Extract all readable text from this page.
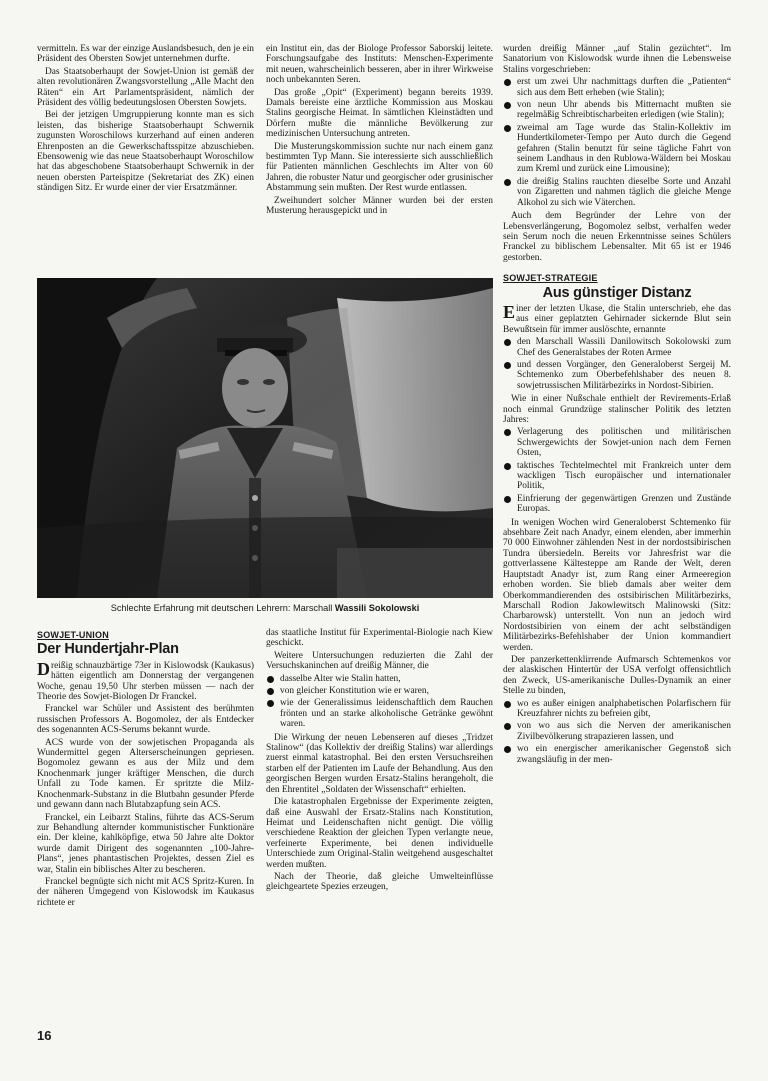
vermitteln. Es war der einzige Auslandsbesuch, den je ein Präsident des Obersten Sowjet unternehmen durfte.

Das Staatsoberhaupt der Sowjet-Union ist gemäß der alten revolutionären Zwangsvorstellung „Alle Macht den Räten“ ein Art Parlamentspräsident, nämlich der Präsident des völlig bedeutungslosen Obersten Sowjets.

Bei der jetzigen Umgruppierung konnte man es sich leisten, das bisherige Staatsoberhaupt Schwernik zugunsten Woroschilows kurzerhand auf einen anderen Ehrenposten an die Gewerkschaftsspitze abzuschieben. Ebensowenig wie das neue Staatsoberhaupt Woroschilow hat das abgeschobene Staatsoberhaupt Schwernik in der neuen obersten Parteispitze (Sekretariat des ZK) einen ständigen Sitz. Er wurde einer der vier Ersatzmänner.

ein Institut ein, das der Biologe Professor Saborskij leitete. Forschungsaufgabe des Instituts: Menschen-Experimente mit neuen, wahrscheinlich besseren, aber in ihrer Wirkweise noch unbekannten Seren.

Das große „Opit“ (Experiment) begann bereits 1939. Damals bereiste eine ärztliche Kommission aus Moskau Stalins georgische Heimat. In sämtlichen Kleinstädten und Dörfern mußte die männliche Bevölkerung zur medizinischen Untersuchung antreten.

Die Musterungskommission suchte nur nach einem ganz bestimmten Typ Mann. Sie interessierte sich ausschließlich für Patienten männlichen Geschlechts im Alter von 60 Jahren, die robuster Natur und georgischer oder grusinischer Abstammung sein mußten. Der Rest wurde entlassen.

Zweihundert solcher Männer wurden bei der ersten Musterung herausgepickt und in

Schlechte Erfahrung mit deutschen Lehrern: Marschall Wassili Sokolowski
SOWJET-UNION
Der Hundertjahr-Plan

Dreißig schnauzbärtige 73er in Kislowodsk (Kaukasus) hätten eigentlich am Donnerstag der vergangenen Woche, genau 19,50 Uhr sterben müssen — nach der Theorie des Sowjet-Biologen Dr Franckel.

Franckel war Schüler und Assistent des berühmten russischen Professors A. Bogomolez, der als Entdecker des sogenannten ACS-Serums bekannt wurde.

ACS wurde von der sowjetischen Propaganda als Wundermittel gegen Alterserscheinungen gepriesen. Bogomolez gewann es aus der Milz und dem Knochenmark junger kräftiger Menschen, die durch Unfall zu Tode kamen. Er spritzte die Milz-Knochenmark-Substanz in die Blutbahn gesunder Pferde und gewann dann nach Blutabzapfung sein ACS.

Franckel, ein Leibarzt Stalins, führte das ACS-Serum zur Behandlung alternder kommunistischer Funktionäre ein. Der kleine, kahlköpfige, etwa 50 Jahre alte Doktor wurde damit Dirigent des sogenannten „100-Jahre-Plans“, jenes phantastischen Projektes, dessen Ziel es war, Stalin ein biblisches Alter zu bescheren.

Franckel begnügte sich nicht mit ACS Spritz-Kuren. In der näheren Umgegend von Kislowodsk im Kaukasus richtete er

das staatliche Institut für Experimental-Biologie nach Kiew geschickt.

Weitere Untersuchungen reduzierten die Zahl der Versuchskaninchen auf dreißig Männer, die

dasselbe Alter wie Stalin hatten,
von gleicher Konstitution wie er waren,
wie der Generalissimus leidenschaftlich dem Rauchen frönten und an starke alkoholische Getränke gewöhnt waren.

Die Wirkung der neuen Lebenseren auf dieses „Tridzet Stalinow“ (das Kollektiv der dreißig Stalins) war allerdings zuerst einmal katastrophal. Bei den ersten Versuchsreihen starben elf der Patienten im Laufe der Behandlung. Aus den georgischen Bergen wurden Ersatz-Stalins herangeholt, die den Ehrentitel „Soldaten der Wissenschaft“ erhielten.

Die katastrophalen Ergebnisse der Experimente zeigten, daß eine Auswahl der Ersatz-Stalins nach Konstitution, Heimat und Leidenschaften nicht genügt. Die völlig verschiedene Reaktion der gleichen Typen verlangte neue, verfeinerte Experimente, bei denen individuelle Unterschiede zum Original-Stalin weitgehend ausgeschaltet werden mußten.

Nach der Theorie, daß gleiche Umwelteinflüsse gleichgeartete Spezies erzeugen,

wurden dreißig Männer „auf Stalin gezüchtet“. Im Sanatorium von Kislowodsk wurde ihnen die Lebensweise Stalins vorgeschrieben:

erst um zwei Uhr nachmittags durften die „Patienten“ sich aus dem Bett erheben (wie Stalin);
von neun Uhr abends bis Mitternacht mußten sie regelmäßig Schreibtischarbeiten erledigen (wie Stalin);
zweimal am Tage wurde das Stalin-Kollektiv im Hundertkilometer-Tempo per Auto durch die Gegend gefahren (Stalin benutzt für seine tägliche Fahrt von seinem Landhaus in den Rublowa-Wäldern bei Moskau zum Kreml und zurück eine Limousine);
die dreißig Stalins rauchten dieselbe Sorte und Anzahl von Zigaretten und nahmen täglich die gleiche Menge Alkohol zu sich wie Väterchen.

Auch dem Begründer der Lehre von der Lebensverlängerung, Bogomolez selbst, verhalfen weder sein Serum noch die neuen Erkenntnisse seines Schülers Franckel zu biblischem Lebensalter. Mit 65 ist er 1946 gestorben.

SOWJET-STRATEGIE
Aus günstiger Distanz

Einer der letzten Ukase, die Stalin unterschrieb, ehe das aus einer geplatzten Gehirnader sickernde Blut sein Bewußtsein für immer auslöschte, ernannte

den Marschall Wassili Danilowitsch Sokolowski zum Chef des Generalstabes der Roten Armee
und dessen Vorgänger, den Generaloberst Sergeij M. Schtemenko zum Oberbefehlshaber des neuen 8. sowjetrussischen Militärbezirks in Nordost-Sibirien.

Wie in einer Nußschale enthielt der Revirements-Erlaß noch einmal Grundzüge stalinscher Politik des letzten Jahres:

Verlagerung des politischen und militärischen Schwergewichts der Sowjet-union nach dem Fernen Osten,
taktisches Techtelmechtel mit Frankreich unter dem wackligen Tisch europäischer und internationaler Politik,
Einfrierung der gegenwärtigen Grenzen und Zustände Europas.

In wenigen Wochen wird Generaloberst Schtemenko für absehbare Zeit nach Anadyr, einem elenden, aber immerhin 70 000 Einwohner zählenden Nest in der nordostsibirischen Tundra übersiedeln. Bereits vor Jahresfrist war die gottverlassene Kältesteppe am Rande der Welt, deren Hauptstadt Anadyr ist, zum Rang einer Armeeregion erhoben worden. Sie blieb damals aber weiter dem Oberkommandierenden des ostsibirischen Militärbezirks, Marschall Rodion Jakowlewitsch Malinowski (Sitz: Charbarowsk) unterstellt. Von nun an jedoch wird Nordostsibirien von einem der acht selbständigen Militärbezirks-Befehlshaber der Union kommandiert werden.

Der panzerkettenklirrende Aufmarsch Schtemenkos vor der alaskischen Hintertür der USA verfolgt offensichtlich den Zweck, US-amerikanische Dulles-Dynamik an einer Stelle zu binden,

wo es außer einigen analphabetischen Polarfischern für Kreuzfahrer nichts zu befreien gibt,
von wo aus sich die Nerven der amerikanischen Zivilbevölkerung strapazieren lassen, und
wo ein energischer amerikanischer Gegenstoß sich zwangsläufig in der men-
16
